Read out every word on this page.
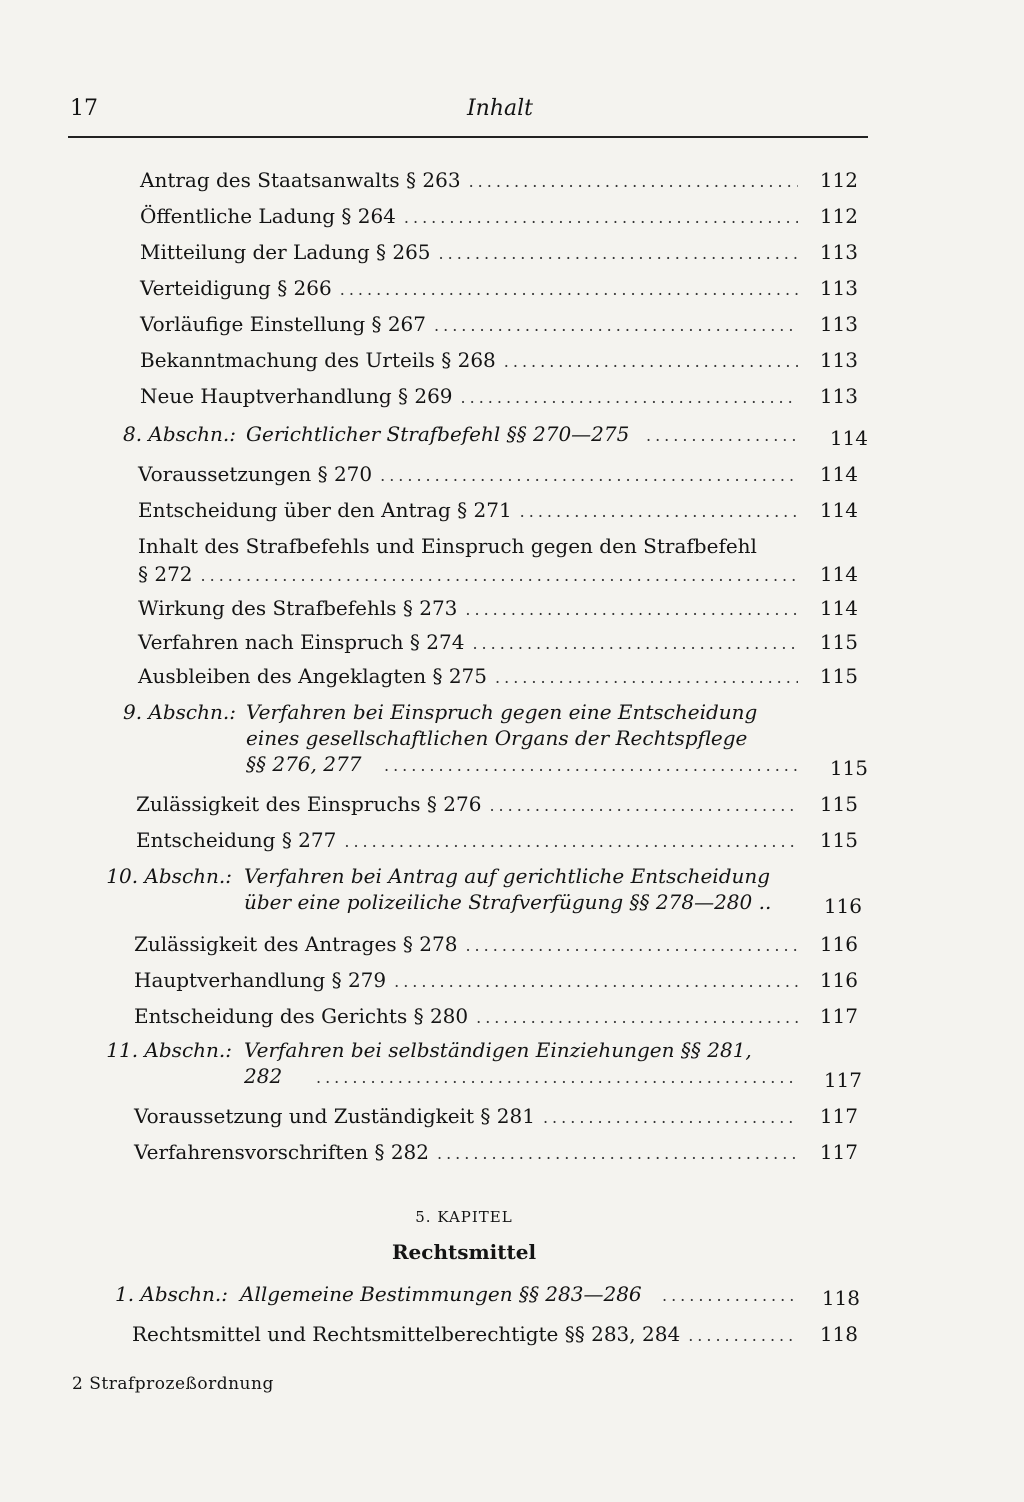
17	Inhalt
Antrag des Staatsanwalts § 263 .....	112
Öffentliche Ladung § 264 .....	112
Mitteilung der Ladung § 265 .....	113
Verteidigung § 266 .....	113
Vorläufige Einstellung § 267 .....	113
Bekanntmachung des Urteils § 268 .....	113
Neue Hauptverhandlung § 269 .....	113
8. Abschn.: Gerichtlicher Strafbefehl §§ 270—275 .....	114
Voraussetzungen § 270 .....	114
Entscheidung über den Antrag § 271 .....	114
Inhalt des Strafbefehls und Einspruch gegen den Strafbefehl
§ 272 .....	114
Wirkung des Strafbefehls § 273 .....	114
Verfahren nach Einspruch § 274 .....	115
Ausbleiben des Angeklagten § 275 .....	115
9. Abschn.: Verfahren bei Einspruch gegen eine Entscheidung
eines gesellschaftlichen Organs der Rechtspflege
§§ 276, 277 .....	115
Zulässigkeit des Einspruchs § 276 .....	115
Entscheidung § 277 .....	115
10. Abschn.: Verfahren bei Antrag auf gerichtliche Entscheidung
über eine polizeiliche Strafverfügung §§ 278—280 ..	116
Zulässigkeit des Antrages § 278 .....	116
Hauptverhandlung § 279 .....	116
Entscheidung des Gerichts § 280 .....	117
11. Abschn.: Verfahren bei selbständigen Einziehungen §§ 281,
282 .....	117
Voraussetzung und Zuständigkeit § 281 .....	117
Verfahrensvorschriften § 282 .....	117
5. KAPITEL
Rechtsmittel
1. Abschn.: Allgemeine Bestimmungen §§ 283—286 .....	118
Rechtsmittel und Rechtsmittelberechtigte §§ 283, 284 .....	118
2 Strafprozeßordnung
